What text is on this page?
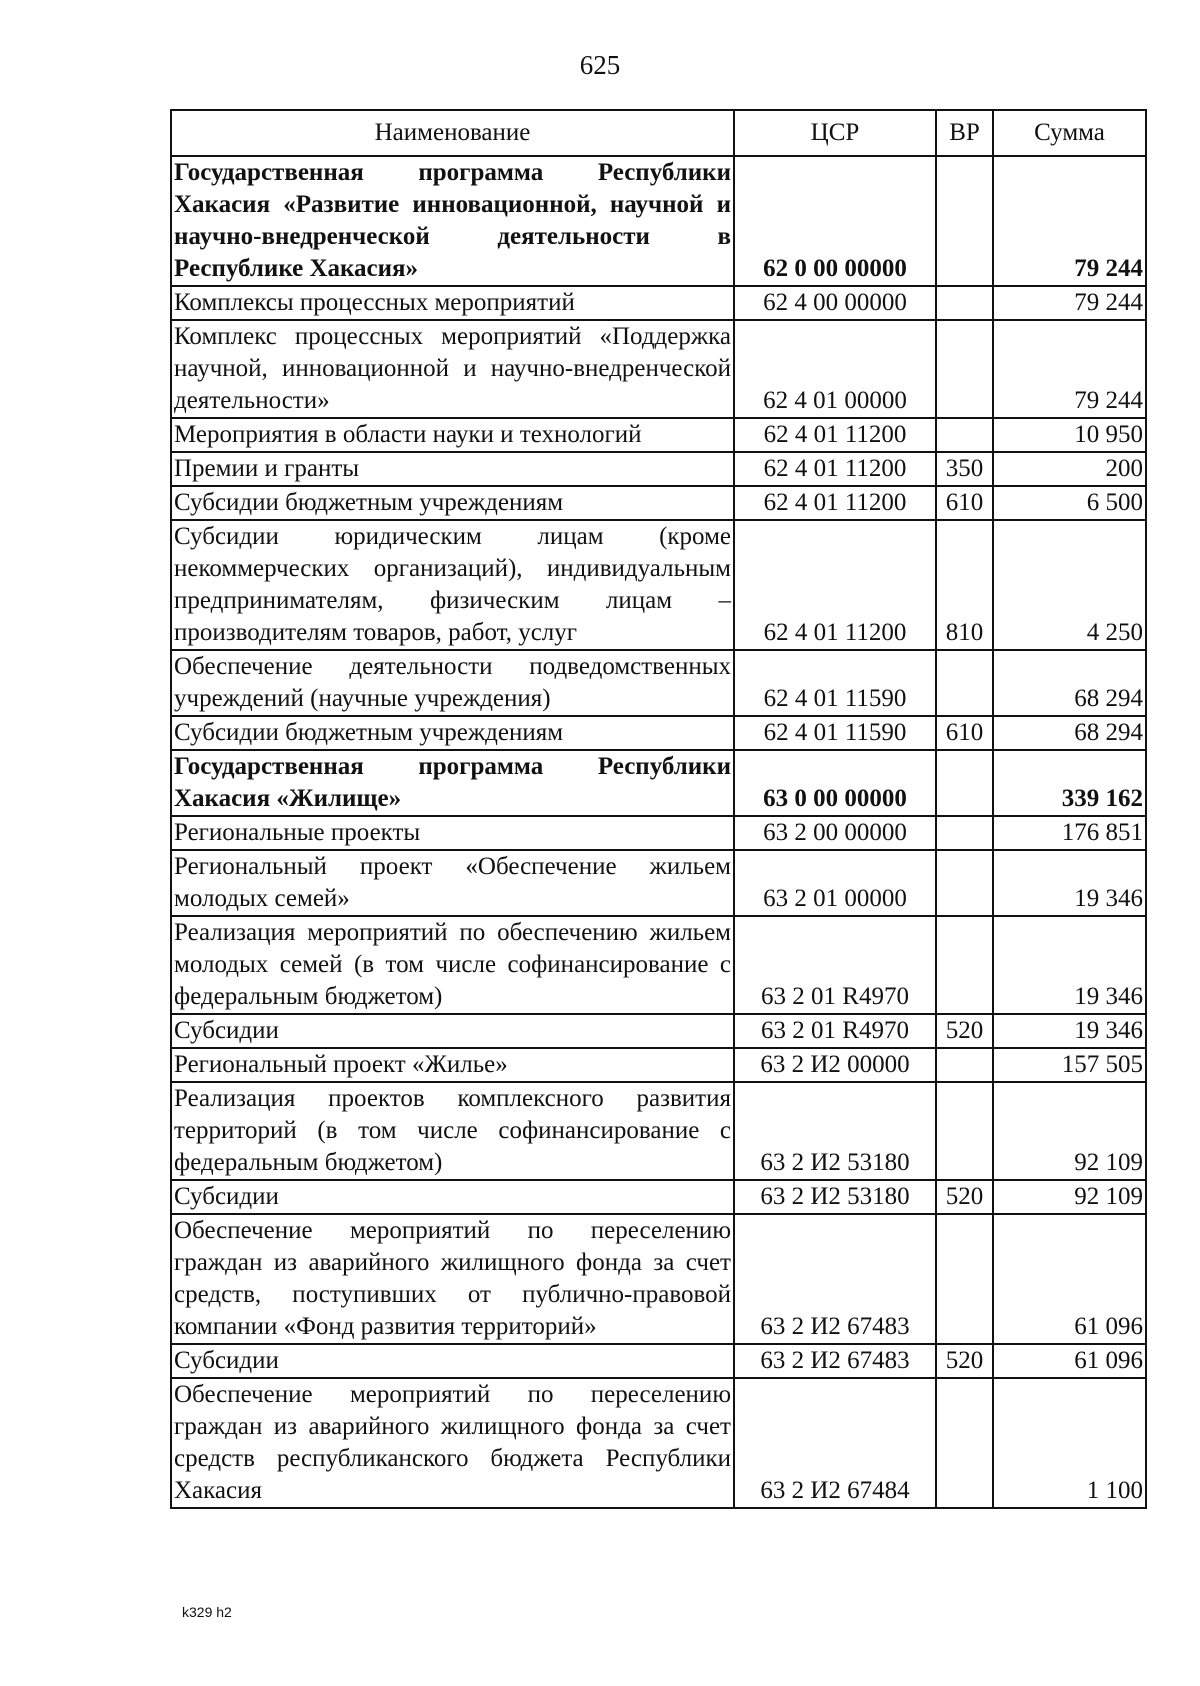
625
Наименование	ЦСР	ВР	Сумма
Государственная программа Республики Хакасия «Развитие инновационной, научной и научно-внедренческой деятельности в Республике Хакасия»	62 0 00 00000		79 244
Комплексы процессных мероприятий	62 4 00 00000		79 244
Комплекс процессных мероприятий «Поддержка научной, инновационной и научно-внедренческой деятельности»	62 4 01 00000		79 244
Мероприятия в области науки и технологий	62 4 01 11200		10 950
Премии и гранты	62 4 01 11200	350	200
Субсидии бюджетным учреждениям	62 4 01 11200	610	6 500
Субсидии юридическим лицам (кроме некоммерческих организаций), индивидуальным предпринимателям, физическим лицам – производителям товаров, работ, услуг	62 4 01 11200	810	4 250
Обеспечение деятельности подведомственных учреждений (научные учреждения)	62 4 01 11590		68 294
Субсидии бюджетным учреждениям	62 4 01 11590	610	68 294
Государственная программа Республики Хакасия «Жилище»	63 0 00 00000		339 162
Региональные проекты	63 2 00 00000		176 851
Региональный проект «Обеспечение жильем молодых семей»	63 2 01 00000		19 346
Реализация мероприятий по обеспечению жильем молодых семей (в том числе софинансирование с федеральным бюджетом)	63 2 01 R4970		19 346
Субсидии	63 2 01 R4970	520	19 346
Региональный проект «Жилье»	63 2 И2 00000		157 505
Реализация проектов комплексного развития территорий (в том числе софинансирование с федеральным бюджетом)	63 2 И2 53180		92 109
Субсидии	63 2 И2 53180	520	92 109
Обеспечение мероприятий по переселению граждан из аварийного жилищного фонда за счет средств, поступивших от публично-правовой компании «Фонд развития территорий»	63 2 И2 67483		61 096
Субсидии	63 2 И2 67483	520	61 096
Обеспечение мероприятий по переселению граждан из аварийного жилищного фонда за счет средств республиканского бюджета Республики Хакасия	63 2 И2 67484		1 100
k329 h2
